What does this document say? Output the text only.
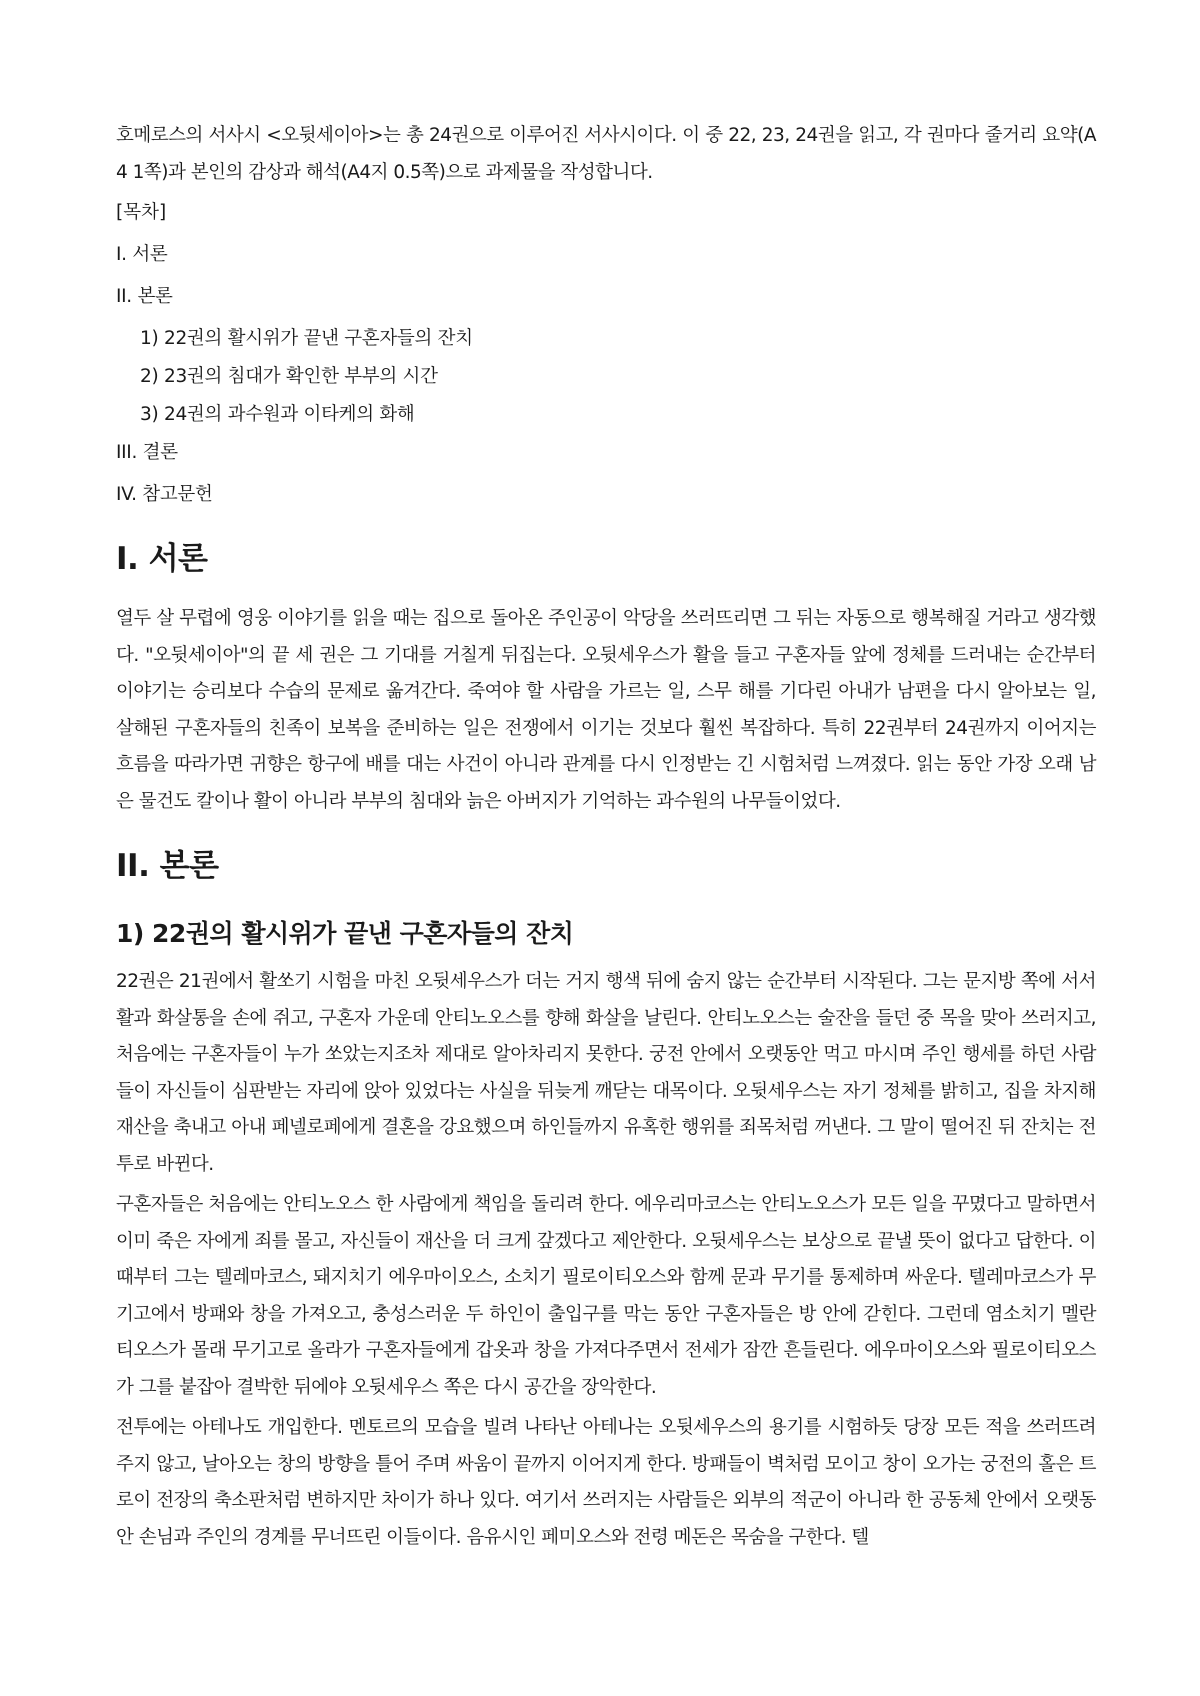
호메로스의 서사시 <오뒷세이아>는 총 24권으로 이루어진 서사시이다. 이 중 22, 23, 24권을 읽고, 각 권마다 줄거리 요약(A4 1쪽)과 본인의 감상과 해석(A4지 0.5쪽)으로 과제물을 작성합니다.

[목차]
I. 서론
II. 본론
1) 22권의 활시위가 끝낸 구혼자들의 잔치
2) 23권의 침대가 확인한 부부의 시간
3) 24권의 과수원과 이타케의 화해
III. 결론
IV. 참고문헌
I. 서론

열두 살 무렵에 영웅 이야기를 읽을 때는 집으로 돌아온 주인공이 악당을 쓰러뜨리면 그 뒤는 자동으로 행복해질 거라고 생각했다. "오뒷세이아"의 끝 세 권은 그 기대를 거칠게 뒤집는다. 오뒷세우스가 활을 들고 구혼자들 앞에 정체를 드러내는 순간부터 이야기는 승리보다 수습의 문제로 옮겨간다. 죽여야 할 사람을 가르는 일, 스무 해를 기다린 아내가 남편을 다시 알아보는 일, 살해된 구혼자들의 친족이 보복을 준비하는 일은 전쟁에서 이기는 것보다 훨씬 복잡하다. 특히 22권부터 24권까지 이어지는 흐름을 따라가면 귀향은 항구에 배를 대는 사건이 아니라 관계를 다시 인정받는 긴 시험처럼 느껴졌다. 읽는 동안 가장 오래 남은 물건도 칼이나 활이 아니라 부부의 침대와 늙은 아버지가 기억하는 과수원의 나무들이었다.

II. 본론
1) 22권의 활시위가 끝낸 구혼자들의 잔치

22권은 21권에서 활쏘기 시험을 마친 오뒷세우스가 더는 거지 행색 뒤에 숨지 않는 순간부터 시작된다. 그는 문지방 쪽에 서서 활과 화살통을 손에 쥐고, 구혼자 가운데 안티노오스를 향해 화살을 날린다. 안티노오스는 술잔을 들던 중 목을 맞아 쓰러지고, 처음에는 구혼자들이 누가 쏘았는지조차 제대로 알아차리지 못한다. 궁전 안에서 오랫동안 먹고 마시며 주인 행세를 하던 사람들이 자신들이 심판받는 자리에 앉아 있었다는 사실을 뒤늦게 깨닫는 대목이다. 오뒷세우스는 자기 정체를 밝히고, 집을 차지해 재산을 축내고 아내 페넬로페에게 결혼을 강요했으며 하인들까지 유혹한 행위를 죄목처럼 꺼낸다. 그 말이 떨어진 뒤 잔치는 전투로 바뀐다.

구혼자들은 처음에는 안티노오스 한 사람에게 책임을 돌리려 한다. 에우리마코스는 안티노오스가 모든 일을 꾸몄다고 말하면서 이미 죽은 자에게 죄를 몰고, 자신들이 재산을 더 크게 갚겠다고 제안한다. 오뒷세우스는 보상으로 끝낼 뜻이 없다고 답한다. 이때부터 그는 텔레마코스, 돼지치기 에우마이오스, 소치기 필로이티오스와 함께 문과 무기를 통제하며 싸운다. 텔레마코스가 무기고에서 방패와 창을 가져오고, 충성스러운 두 하인이 출입구를 막는 동안 구혼자들은 방 안에 갇힌다. 그런데 염소치기 멜란티오스가 몰래 무기고로 올라가 구혼자들에게 갑옷과 창을 가져다주면서 전세가 잠깐 흔들린다. 에우마이오스와 필로이티오스가 그를 붙잡아 결박한 뒤에야 오뒷세우스 쪽은 다시 공간을 장악한다.

전투에는 아테나도 개입한다. 멘토르의 모습을 빌려 나타난 아테나는 오뒷세우스의 용기를 시험하듯 당장 모든 적을 쓰러뜨려 주지 않고, 날아오는 창의 방향을 틀어 주며 싸움이 끝까지 이어지게 한다. 방패들이 벽처럼 모이고 창이 오가는 궁전의 홀은 트로이 전장의 축소판처럼 변하지만 차이가 하나 있다. 여기서 쓰러지는 사람들은 외부의 적군이 아니라 한 공동체 안에서 오랫동안 손님과 주인의 경계를 무너뜨린 이들이다. 음유시인 페미오스와 전령 메돈은 목숨을 구한다. 텔
